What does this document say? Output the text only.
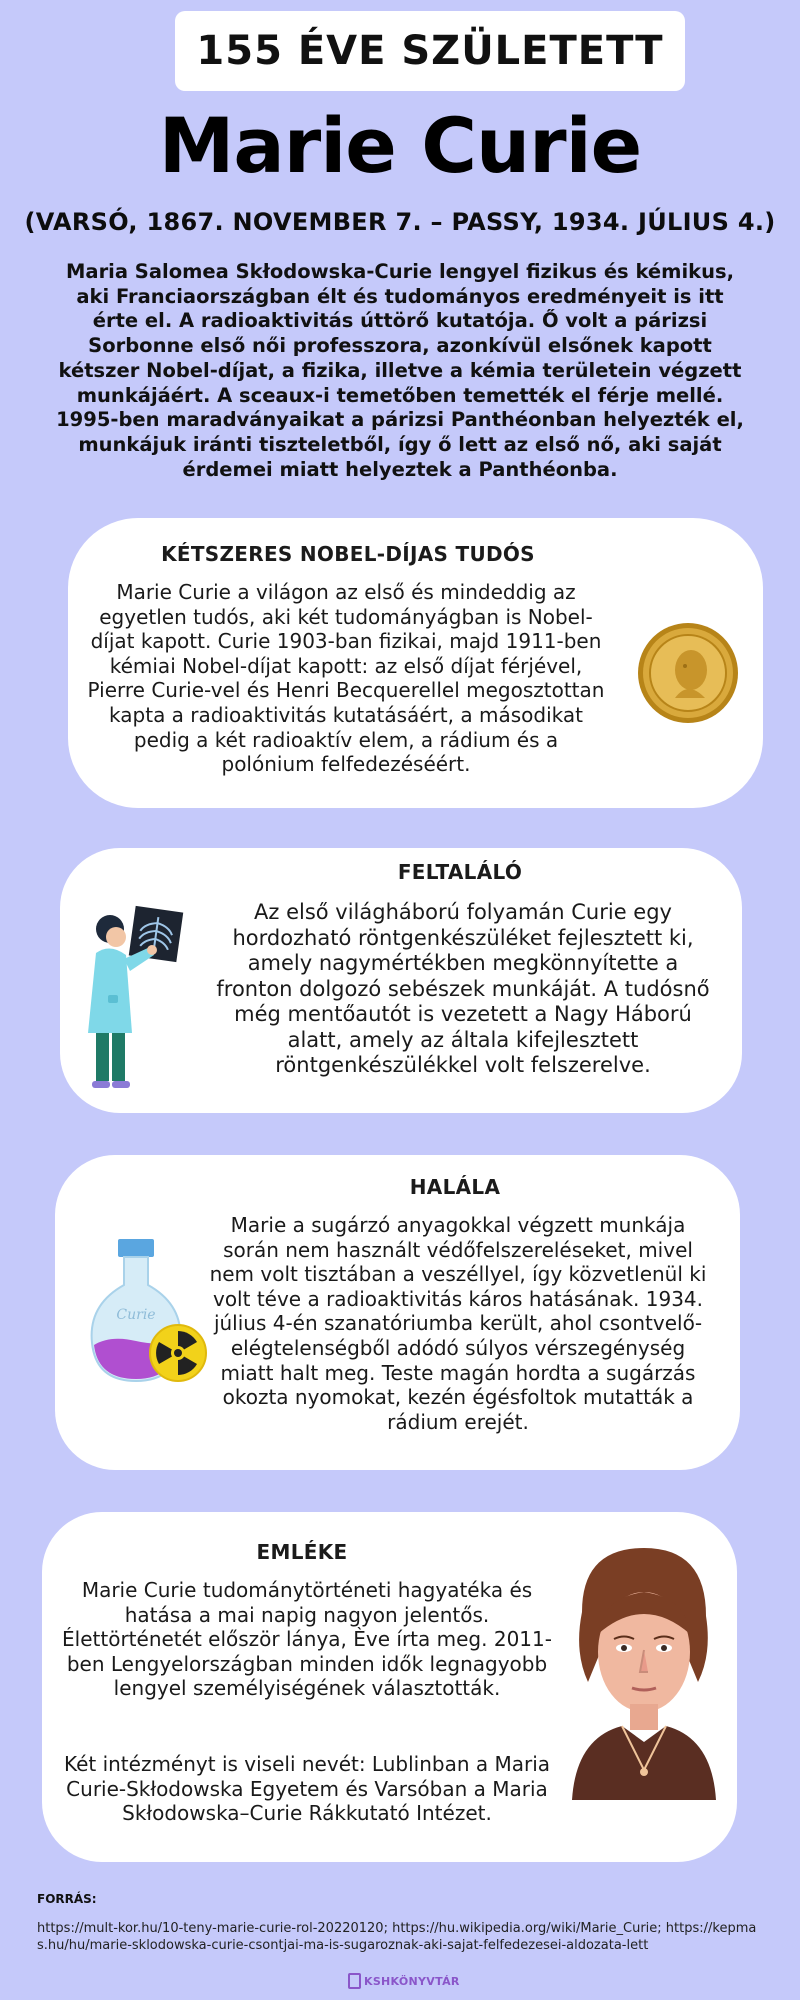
155 ÉVE SZÜLETETT
Marie Curie
(VARSÓ, 1867. NOVEMBER 7. – PASSY, 1934. JÚLIUS 4.)
Maria Salomea Skłodowska-Curie lengyel fizikus és kémikus, aki Franciaországban élt és tudományos eredményeit is itt érte el. A radioaktivitás úttörő kutatója. Ő volt a párizsi Sorbonne első női professzora, azonkívül elsőnek kapott kétszer Nobel-díjat, a fizika, illetve a kémia területein végzett munkájáért. A sceaux-i temetőben temették el férje mellé. 1995-ben maradványaikat a párizsi Panthéonban helyezték el, munkájuk iránti tiszteletből, így ő lett az első nő, aki saját érdemei miatt helyeztek a Panthéonba.
KÉTSZERES NOBEL-DÍJAS TUDÓS
Marie Curie a világon az első és mindeddig az egyetlen tudós, aki két tudományágban is Nobel-díjat kapott. Curie 1903-ban fizikai, majd 1911-ben kémiai Nobel-díjat kapott: az első díjat férjével, Pierre Curie-vel és Henri Becquerellel megosztottan kapta a radioaktivitás kutatásáért, a másodikat pedig a két radioaktív elem, a rádium és a polónium felfedezéséért.
FELTALÁLÓ
Az első világháború folyamán Curie egy hordozható röntgenkészüléket fejlesztett ki, amely nagymértékben megkönnyítette a fronton dolgozó sebészek munkáját. A tudósnő még mentőautót is vezetett a Nagy Háború alatt, amely az általa kifejlesztett röntgenkészülékkel volt felszerelve.
HALÁLA
Marie a sugárzó anyagokkal végzett munkája során nem használt védőfelszereléseket, mivel nem volt tisztában a veszéllyel, így közvetlenül ki volt téve a radioaktivitás káros hatásának. 1934. július 4-én szanatóriumba került, ahol csontvelő-elégtelenségből adódó súlyos vérszegénység miatt halt meg. Teste magán hordta a sugárzás okozta nyomokat, kezén égésfoltok mutatták a rádium erejét.
Curie
EMLÉKE
Marie Curie tudománytörténeti hagyatéka és hatása a mai napig nagyon jelentős. Élettörténetét először lánya, Ève írta meg. 2011-ben Lengyelországban minden idők legnagyobb lengyel személyiségének választották.
Két intézményt is viseli nevét: Lublinban a Maria Curie-Skłodowska Egyetem és Varsóban a Maria Skłodowska–Curie Rákkutató Intézet.
FORRÁS:
https://mult-kor.hu/10-teny-marie-curie-rol-20220120; https://hu.wikipedia.org/wiki/Marie_Curie; https://kepmas.hu/hu/marie-sklodowska-curie-csontjai-ma-is-sugaroznak-aki-sajat-felfedezesei-aldozata-lett
KSHKÖNYVTÁR
